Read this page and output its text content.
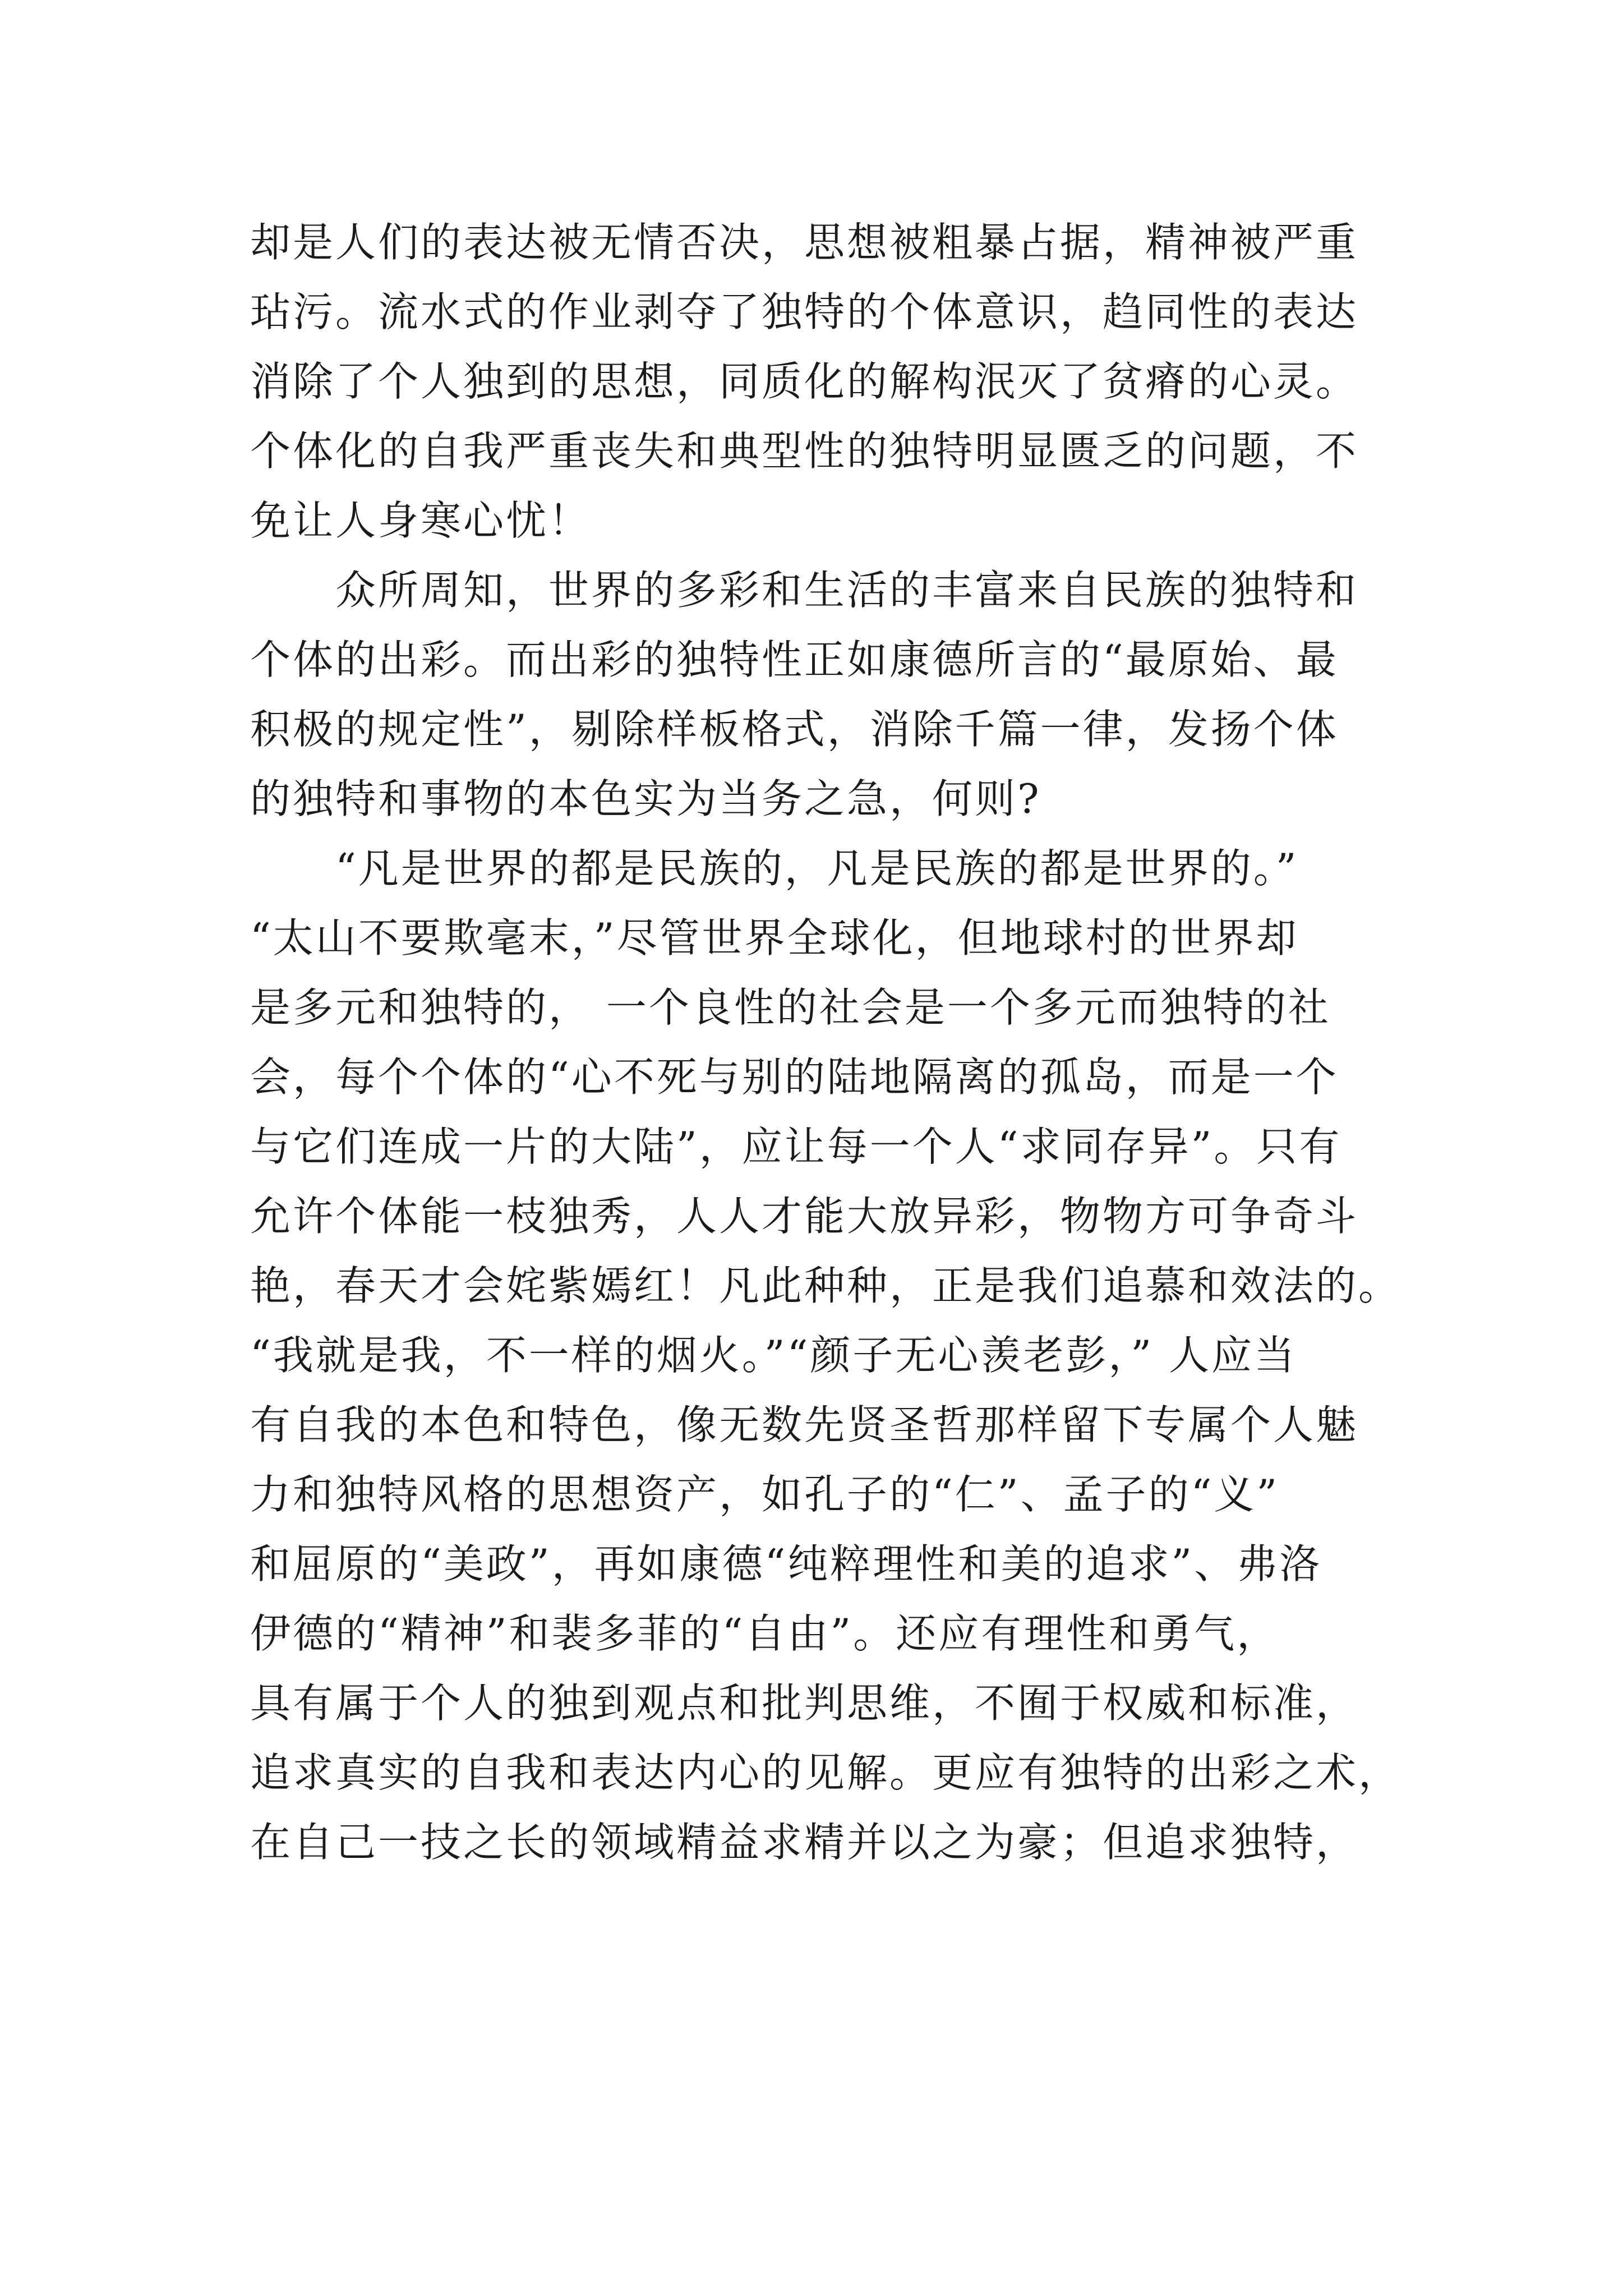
却是人们的表达被无情否决，思想被粗暴占据，精神被严重
玷污。流水式的作业剥夺了独特的个体意识，趋同性的表达
消除了个人独到的思想，同质化的解构泯灭了贫瘠的心灵。
个体化的自我严重丧失和典型性的独特明显匮乏的问题，不
免让人身寒心忧！
　　众所周知，世界的多彩和生活的丰富来自民族的独特和
个体的出彩。而出彩的独特性正如康德所言的“最原始、最
积极的规定性”，剔除样板格式，消除千篇一律，发扬个体
的独特和事物的本色实为当务之急，何则?
　　“凡是世界的都是民族的，凡是民族的都是世界的。”
“太山不要欺毫末，”尽管世界全球化，但地球村的世界却
是多元和独特的， 一个良性的社会是一个多元而独特的社
会，每个个体的“心不死与别的陆地隔离的孤岛，而是一个
与它们连成一片的大陆”，应让每一个人“求同存异”。只有
允许个体能一枝独秀，人人才能大放异彩，物物方可争奇斗
艳，春天才会姹紫嫣红！凡此种种，正是我们追慕和效法的。
“我就是我，不一样的烟火。”“颜子无心羡老彭，” 人应当
有自我的本色和特色，像无数先贤圣哲那样留下专属个人魅
力和独特风格的思想资产，如孔子的“仁”、孟子的“义”
和屈原的“美政”，再如康德“纯粹理性和美的追求”、弗洛
伊德的“精神”和裴多菲的“自由”。还应有理性和勇气，
具有属于个人的独到观点和批判思维，不囿于权威和标准，
追求真实的自我和表达内心的见解。更应有独特的出彩之术，
在自己一技之长的领域精益求精并以之为豪；但追求独特，
